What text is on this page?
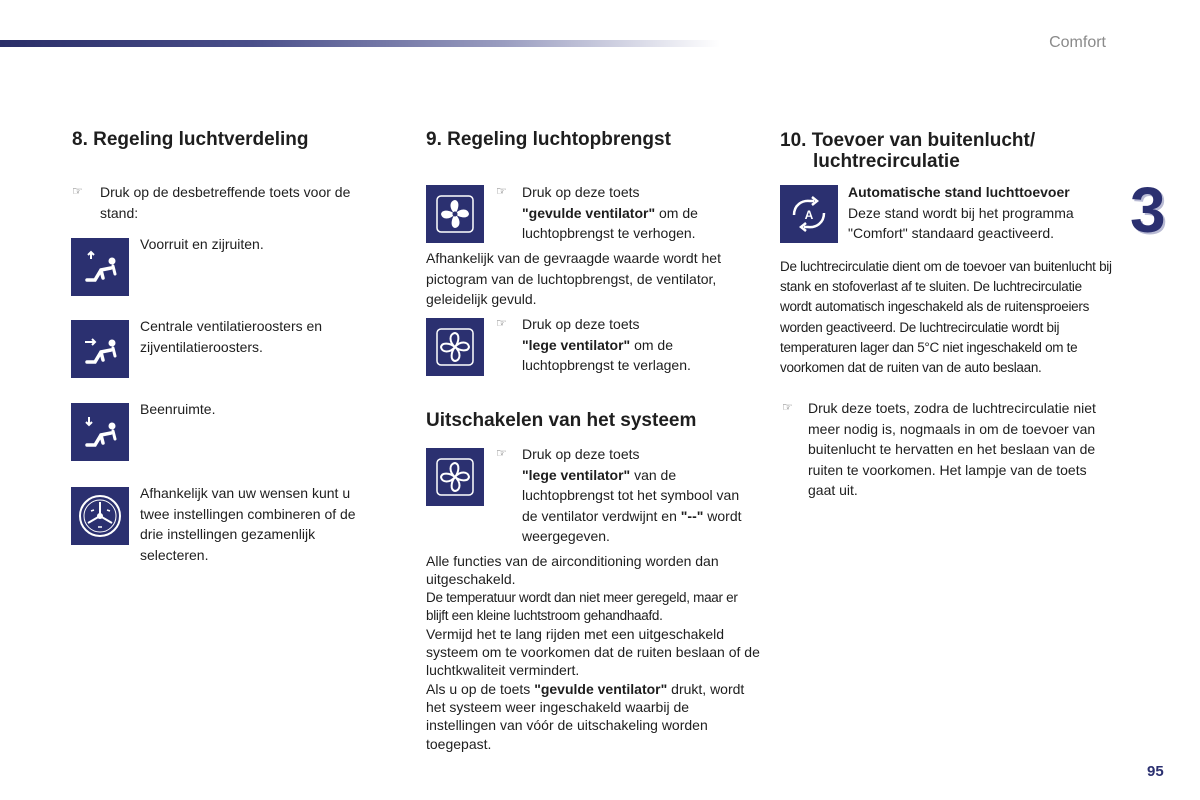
Comfort
3
95
8. Regeling luchtverdeling
☞ Druk op de desbetreffende toets voor de stand:
Voorruit en zijruiten.
Centrale ventilatieroosters en zijventilatieroosters.
Beenruimte.
Afhankelijk van uw wensen kunt u twee instellingen combineren of de drie instellingen gezamenlijk selecteren.
9. Regeling luchtopbrengst
☞ Druk op deze toets
"gevulde ventilator" om de luchtopbrengst te verhogen.
Afhankelijk van de gevraagde waarde wordt het pictogram van de luchtopbrengst, de ventilator, geleidelijk gevuld.
☞ Druk op deze toets
"lege ventilator" om de luchtopbrengst te verlagen.
Uitschakelen van het systeem
☞ Druk op deze toets
"lege ventilator" van de luchtopbrengst tot het symbool van de ventilator verdwijnt en "--" wordt weergegeven.
Alle functies van de airconditioning worden dan uitgeschakeld.
De temperatuur wordt dan niet meer geregeld, maar er blijft een kleine luchtstroom gehandhaafd.
Vermijd het te lang rijden met een uitgeschakeld systeem om te voorkomen dat de ruiten beslaan of de luchtkwaliteit vermindert.
Als u op de toets "gevulde ventilator" drukt, wordt het systeem weer ingeschakeld waarbij de instellingen van vóór de uitschakeling worden toegepast.
10. Toevoer van buitenlucht/
luchtrecirculatie
A
Automatische stand luchttoevoer
Deze stand wordt bij het programma "Comfort" standaard geactiveerd.
De luchtrecirculatie dient om de toevoer van buitenlucht bij stank en stofoverlast af te sluiten. De luchtrecirculatie wordt automatisch ingeschakeld als de ruitensproeiers worden geactiveerd. De luchtrecirculatie wordt bij temperaturen lager dan 5°C niet ingeschakeld om te voorkomen dat de ruiten van de auto beslaan.
☞ Druk deze toets, zodra de luchtrecirculatie niet meer nodig is, nogmaals in om de toevoer van buitenlucht te hervatten en het beslaan van de ruiten te voorkomen. Het lampje van de toets gaat uit.
